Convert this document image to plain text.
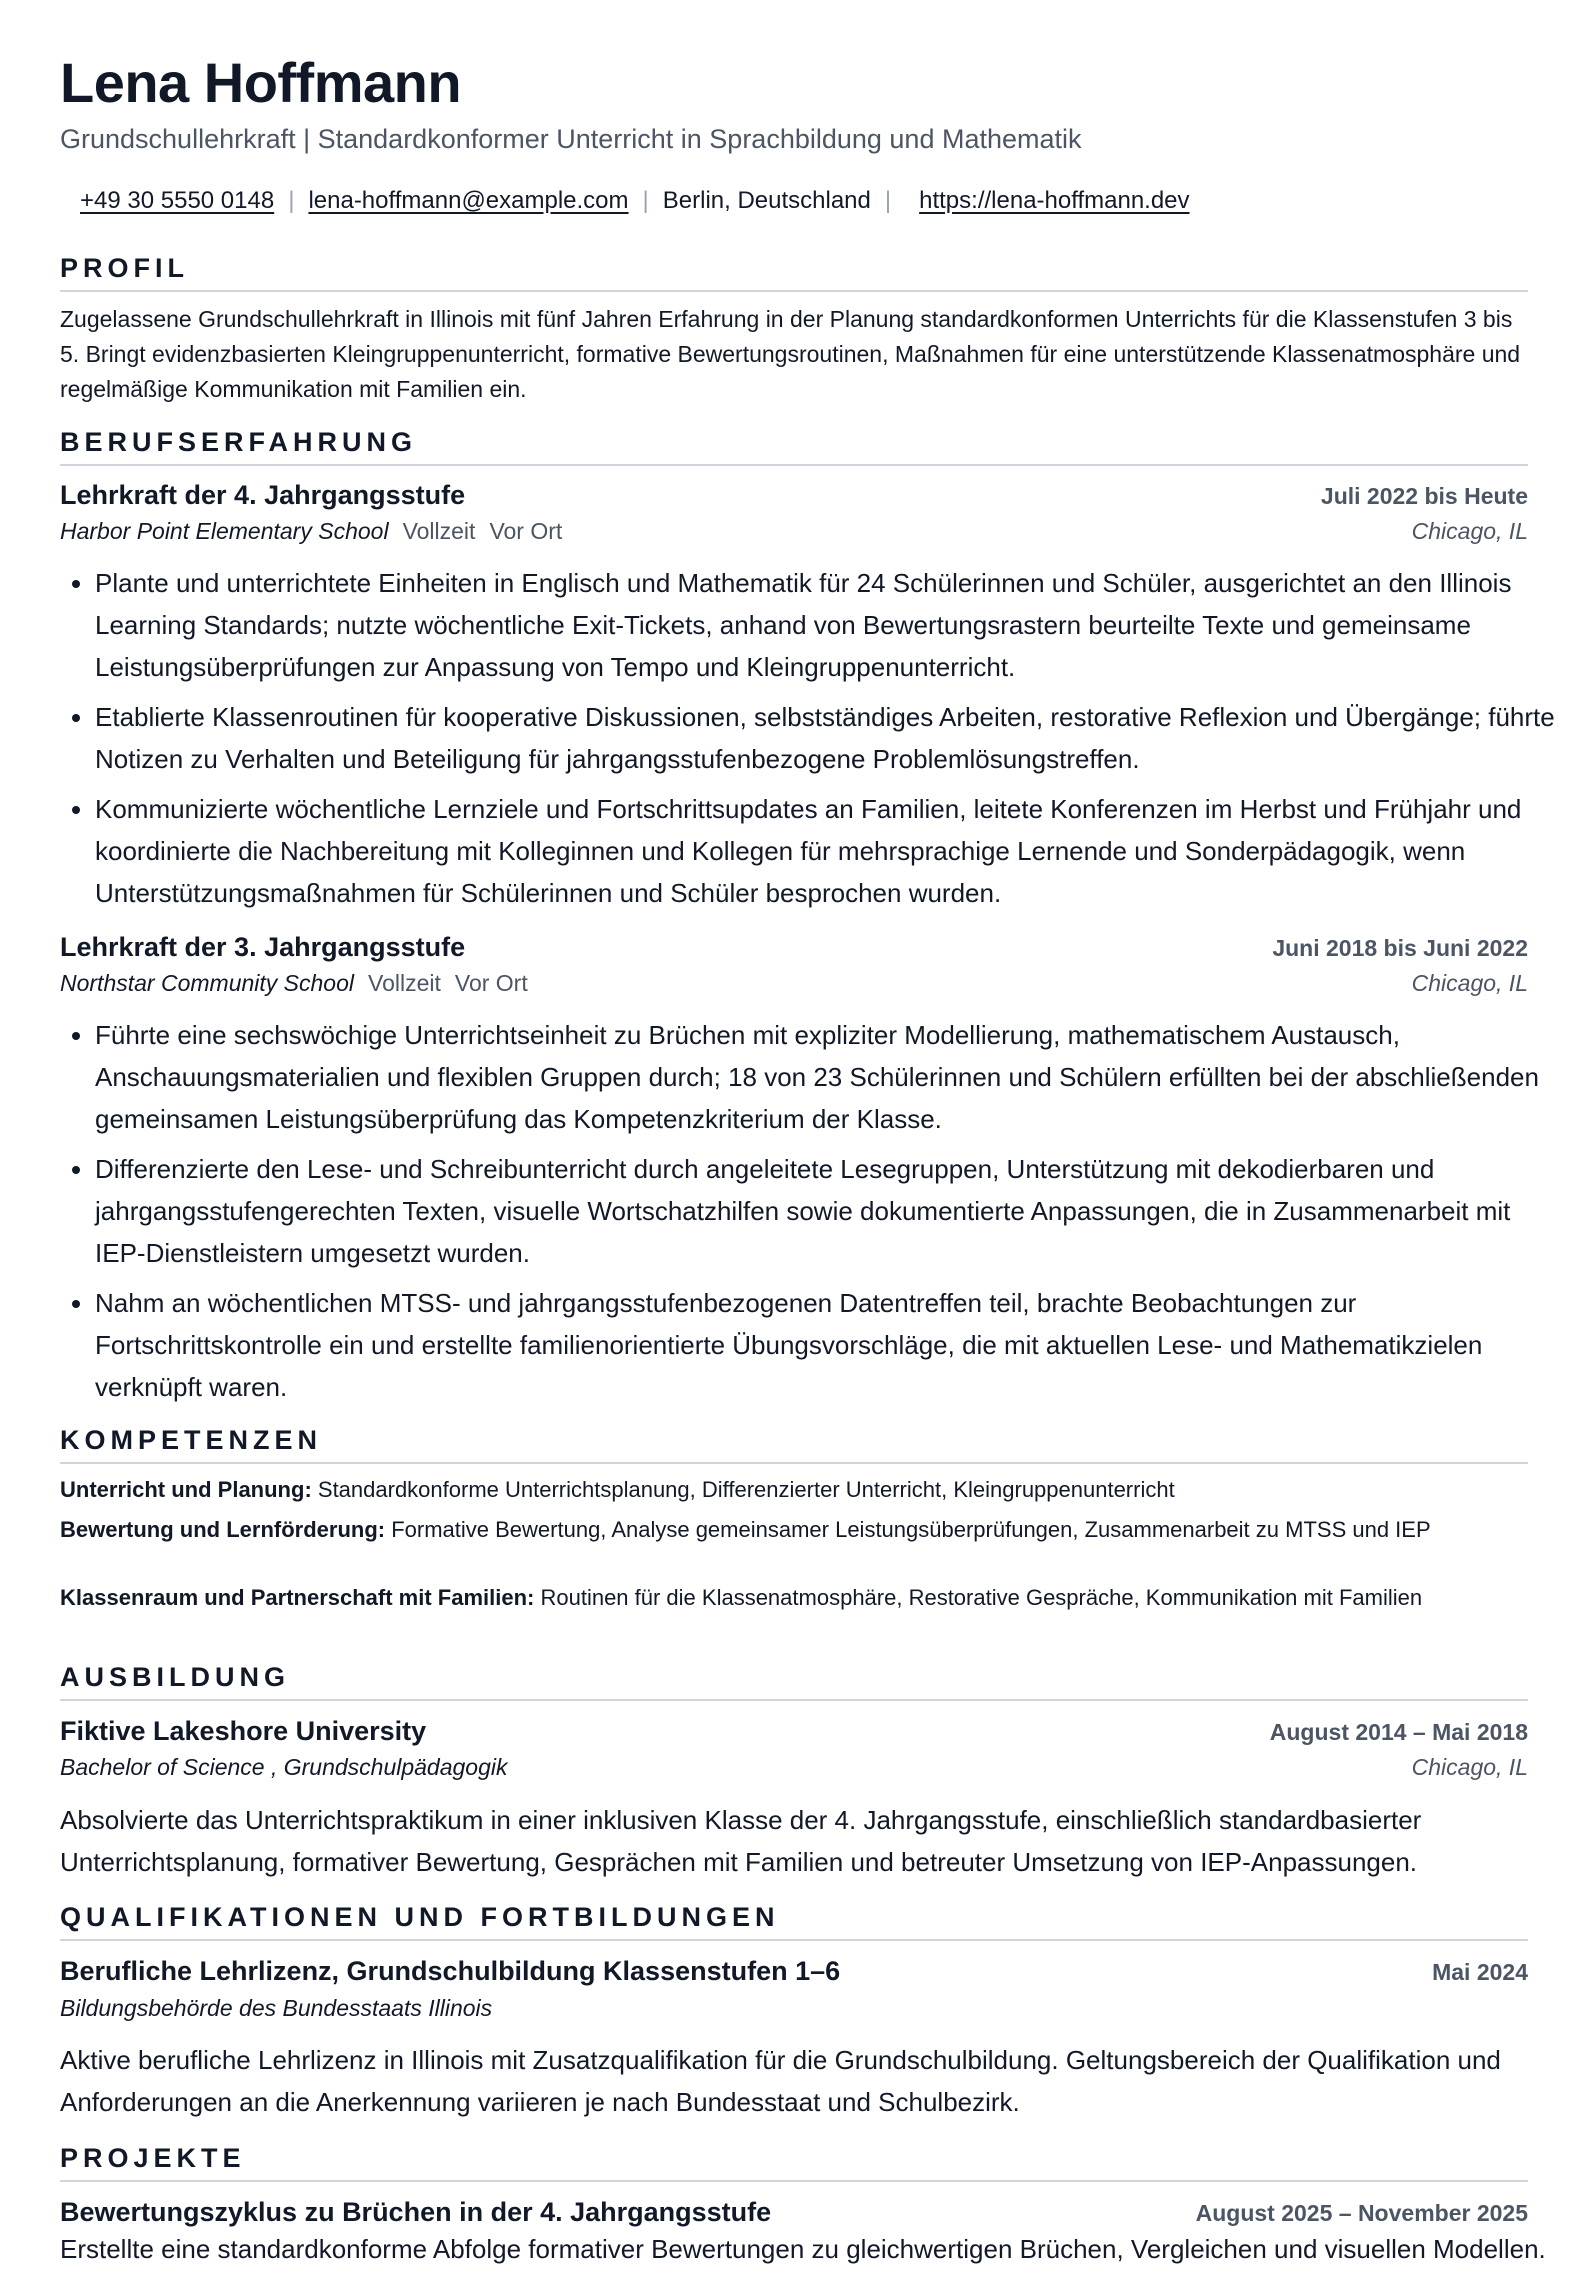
Lena Hoffmann
Grundschullehrkraft | Standardkonformer Unterricht in Sprachbildung und Mathematik
+49 30 5550 0148 | lena-hoffmann@example.com | Berlin, Deutschland | https://lena-hoffmann.dev
PROFIL
Zugelassene Grundschullehrkraft in Illinois mit fünf Jahren Erfahrung in der Planung standardkonformen Unterrichts für die Klassenstufen 3 bis 5. Bringt evidenzbasierten Kleingruppenunterricht, formative Bewertungsroutinen, Maßnahmen für eine unterstützende Klassenatmosphäre und regelmäßige Kommunikation mit Familien ein.
BERUFSERFAHRUNG
Lehrkraft der 4. Jahrgangsstufe	Juli 2022 bis Heute
Harbor Point Elementary School Vollzeit Vor Ort	Chicago, IL
• Plante und unterrichtete Einheiten in Englisch und Mathematik für 24 Schülerinnen und Schüler, ausgerichtet an den Illinois Learning Standards; nutzte wöchentliche Exit-Tickets, anhand von Bewertungsrastern beurteilte Texte und gemeinsame Leistungsüberprüfungen zur Anpassung von Tempo und Kleingruppenunterricht.
• Etablierte Klassenroutinen für kooperative Diskussionen, selbstständiges Arbeiten, restorative Reflexion und Übergänge; führte Notizen zu Verhalten und Beteiligung für jahrgangsstufenbezogene Problemlösungstreffen.
• Kommunizierte wöchentliche Lernziele und Fortschrittsupdates an Familien, leitete Konferenzen im Herbst und Frühjahr und koordinierte die Nachbereitung mit Kolleginnen und Kollegen für mehrsprachige Lernende und Sonderpädagogik, wenn Unterstützungsmaßnahmen für Schülerinnen und Schüler besprochen wurden.
Lehrkraft der 3. Jahrgangsstufe	Juni 2018 bis Juni 2022
Northstar Community School Vollzeit Vor Ort	Chicago, IL
• Führte eine sechswöchige Unterrichtseinheit zu Brüchen mit expliziter Modellierung, mathematischem Austausch, Anschauungsmaterialien und flexiblen Gruppen durch; 18 von 23 Schülerinnen und Schülern erfüllten bei der abschließenden gemeinsamen Leistungsüberprüfung das Kompetenzkriterium der Klasse.
• Differenzierte den Lese- und Schreibunterricht durch angeleitete Lesegruppen, Unterstützung mit dekodierbaren und jahrgangsstufengerechten Texten, visuelle Wortschatzhilfen sowie dokumentierte Anpassungen, die in Zusammenarbeit mit IEP-Dienstleistern umgesetzt wurden.
• Nahm an wöchentlichen MTSS- und jahrgangsstufenbezogenen Datentreffen teil, brachte Beobachtungen zur Fortschrittskontrolle ein und erstellte familienorientierte Übungsvorschläge, die mit aktuellen Lese- und Mathematikzielen verknüpft waren.
KOMPETENZEN
Unterricht und Planung: Standardkonforme Unterrichtsplanung, Differenzierter Unterricht, Kleingruppenunterricht
Bewertung und Lernförderung: Formative Bewertung, Analyse gemeinsamer Leistungsüberprüfungen, Zusammenarbeit zu MTSS und IEP
Klassenraum und Partnerschaft mit Familien: Routinen für die Klassenatmosphäre, Restorative Gespräche, Kommunikation mit Familien
AUSBILDUNG
Fiktive Lakeshore University	August 2014 – Mai 2018
Bachelor of Science , Grundschulpädagogik	Chicago, IL
Absolvierte das Unterrichtspraktikum in einer inklusiven Klasse der 4. Jahrgangsstufe, einschließlich standardbasierter Unterrichtsplanung, formativer Bewertung, Gesprächen mit Familien und betreuter Umsetzung von IEP-Anpassungen.
QUALIFIKATIONEN UND FORTBILDUNGEN
Berufliche Lehrlizenz, Grundschulbildung Klassenstufen 1–6	Mai 2024
Bildungsbehörde des Bundesstaats Illinois
Aktive berufliche Lehrlizenz in Illinois mit Zusatzqualifikation für die Grundschulbildung. Geltungsbereich der Qualifikation und Anforderungen an die Anerkennung variieren je nach Bundesstaat und Schulbezirk.
PROJEKTE
Bewertungszyklus zu Brüchen in der 4. Jahrgangsstufe	August 2025 – November 2025
Erstellte eine standardkonforme Abfolge formativer Bewertungen zu gleichwertigen Brüchen, Vergleichen und visuellen Modellen.
